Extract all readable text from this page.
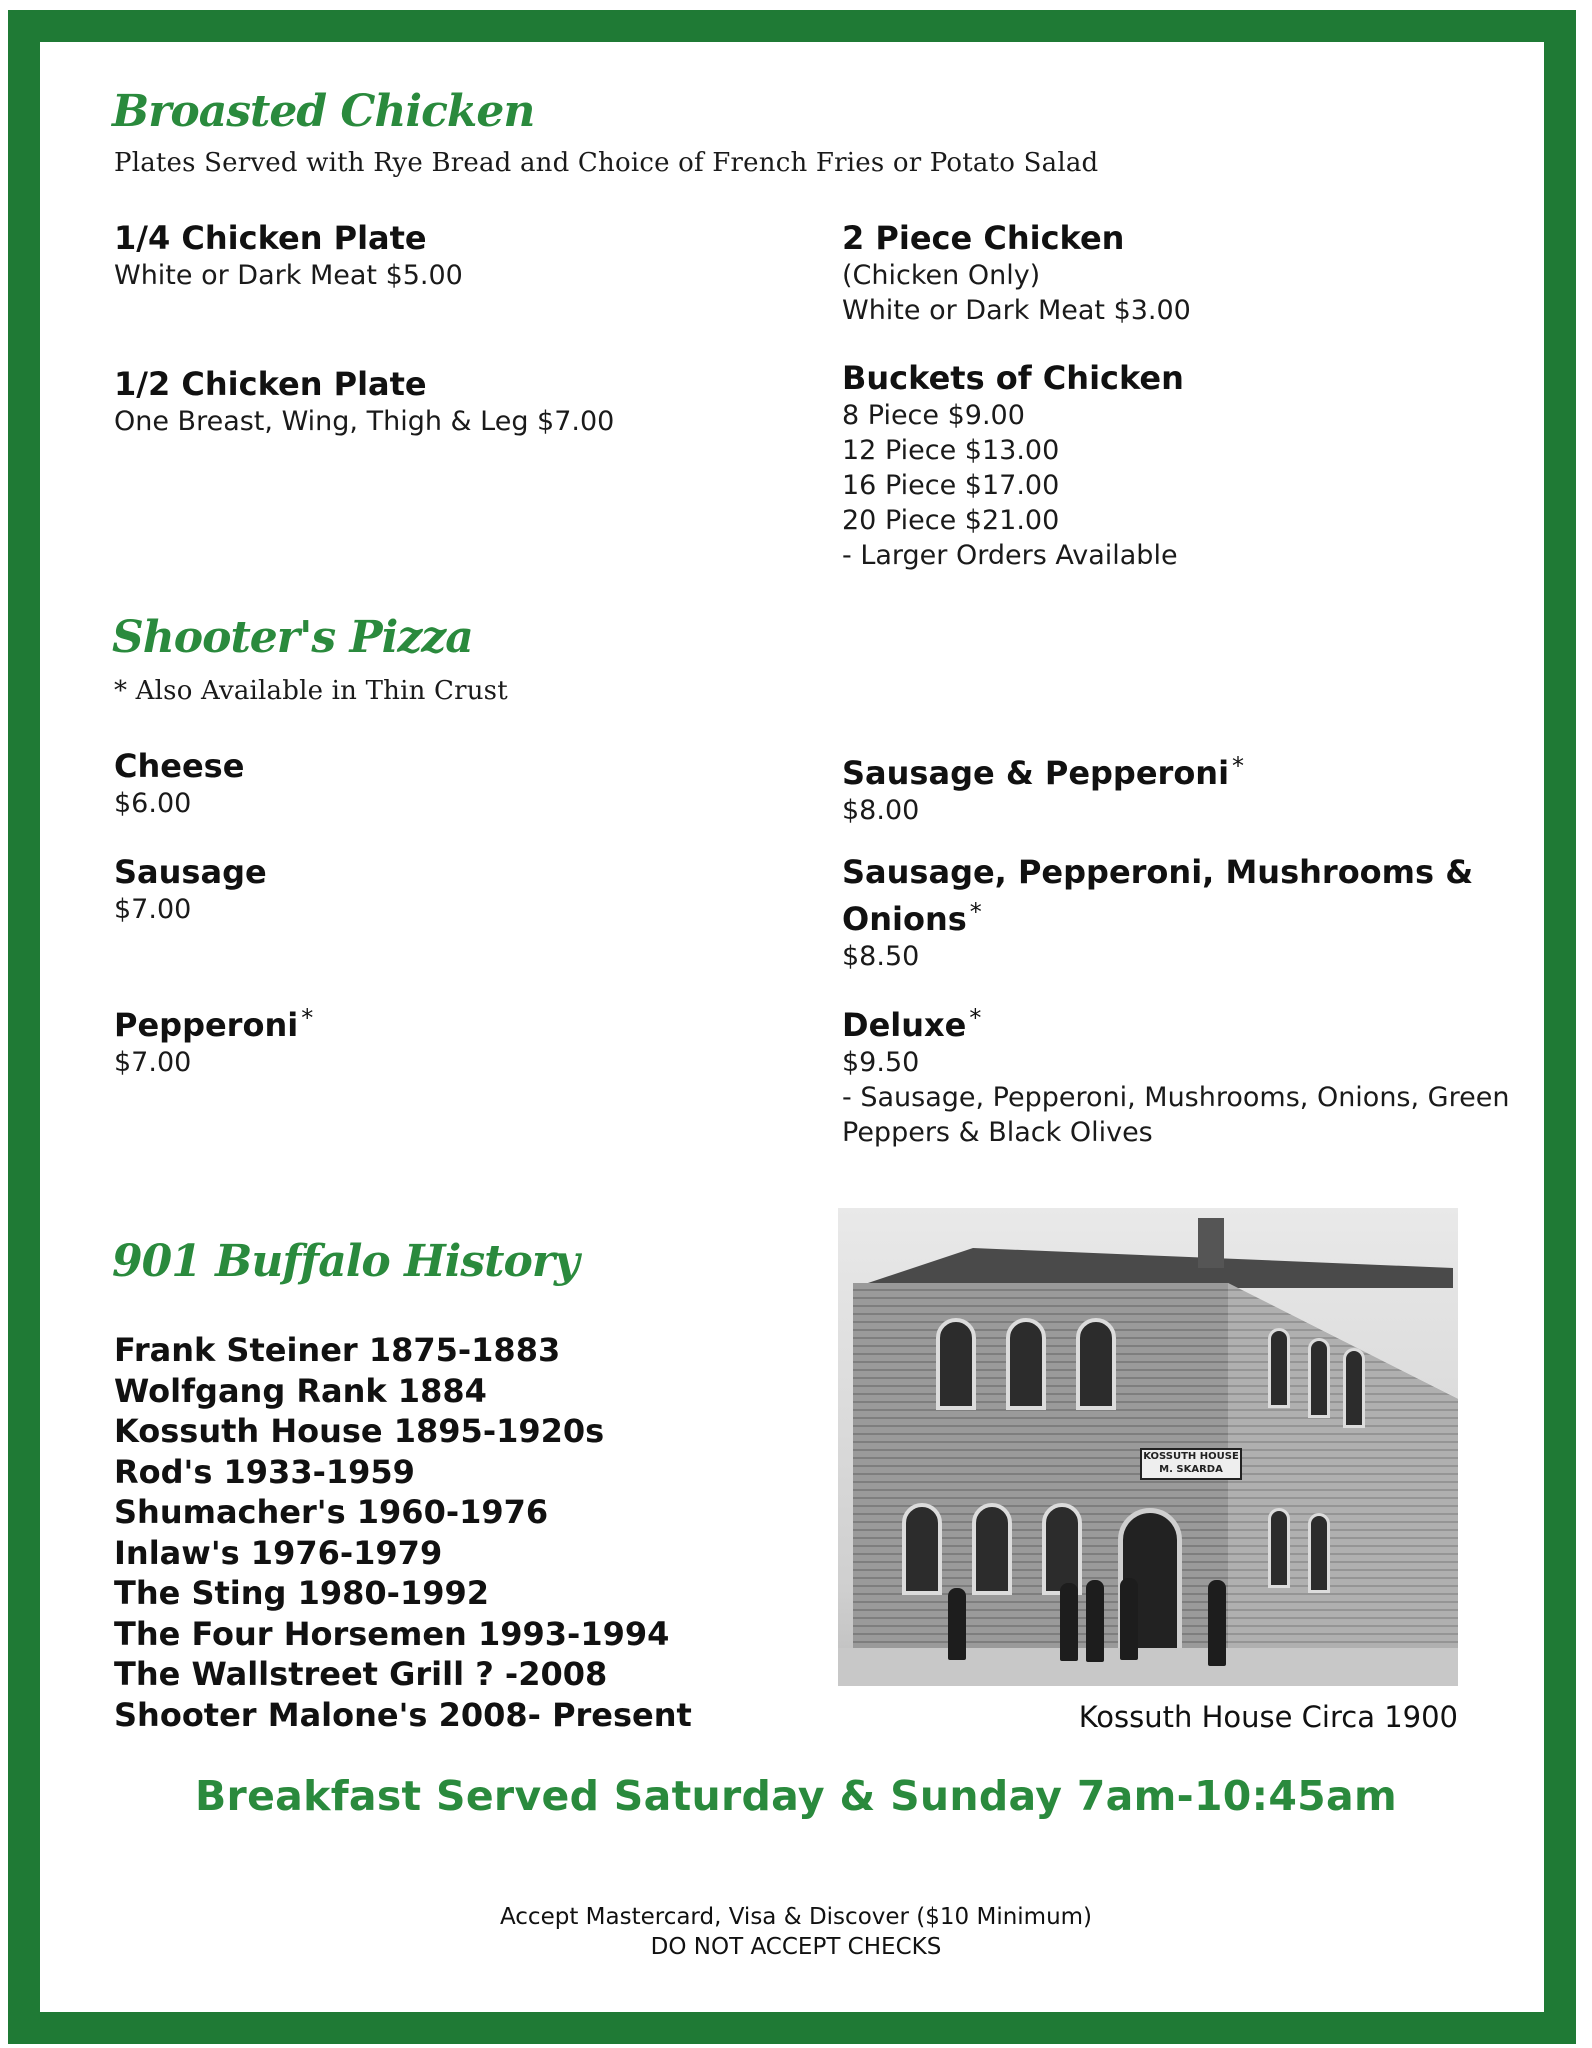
Broasted Chicken
Plates Served with Rye Bread and Choice of French Fries or Potato Salad
1/4 Chicken Plate
White or Dark Meat $5.00
1/2 Chicken Plate
One Breast, Wing, Thigh & Leg $7.00
2 Piece Chicken
(Chicken Only)
White or Dark Meat $3.00
Buckets of Chicken
8 Piece $9.00
12 Piece $13.00
16 Piece $17.00
20 Piece $21.00
- Larger Orders Available
Shooter's Pizza
* Also Available in Thin Crust
Cheese
$6.00
Sausage
$7.00
Pepperoni *
$7.00
Sausage & Pepperoni *
$8.00
Sausage, Pepperoni, Mushrooms &
Onions *
$8.50
Deluxe *
$9.50
- Sausage, Pepperoni, Mushrooms, Onions, Green
Peppers & Black Olives
901 Buffalo History
Frank Steiner 1875-1883
Wolfgang Rank 1884
Kossuth House 1895-1920s
Rod's 1933-1959
Shumacher's 1960-1976
Inlaw's 1976-1979
The Sting 1980-1992
The Four Horsemen 1993-1994
The Wallstreet Grill ? -2008
Shooter Malone's 2008- Present
KOSSUTH HOUSE
M. SKARDA
Kossuth House Circa 1900
Breakfast Served Saturday & Sunday 7am-10:45am
Accept Mastercard, Visa & Discover ($10 Minimum)
DO NOT ACCEPT CHECKS
